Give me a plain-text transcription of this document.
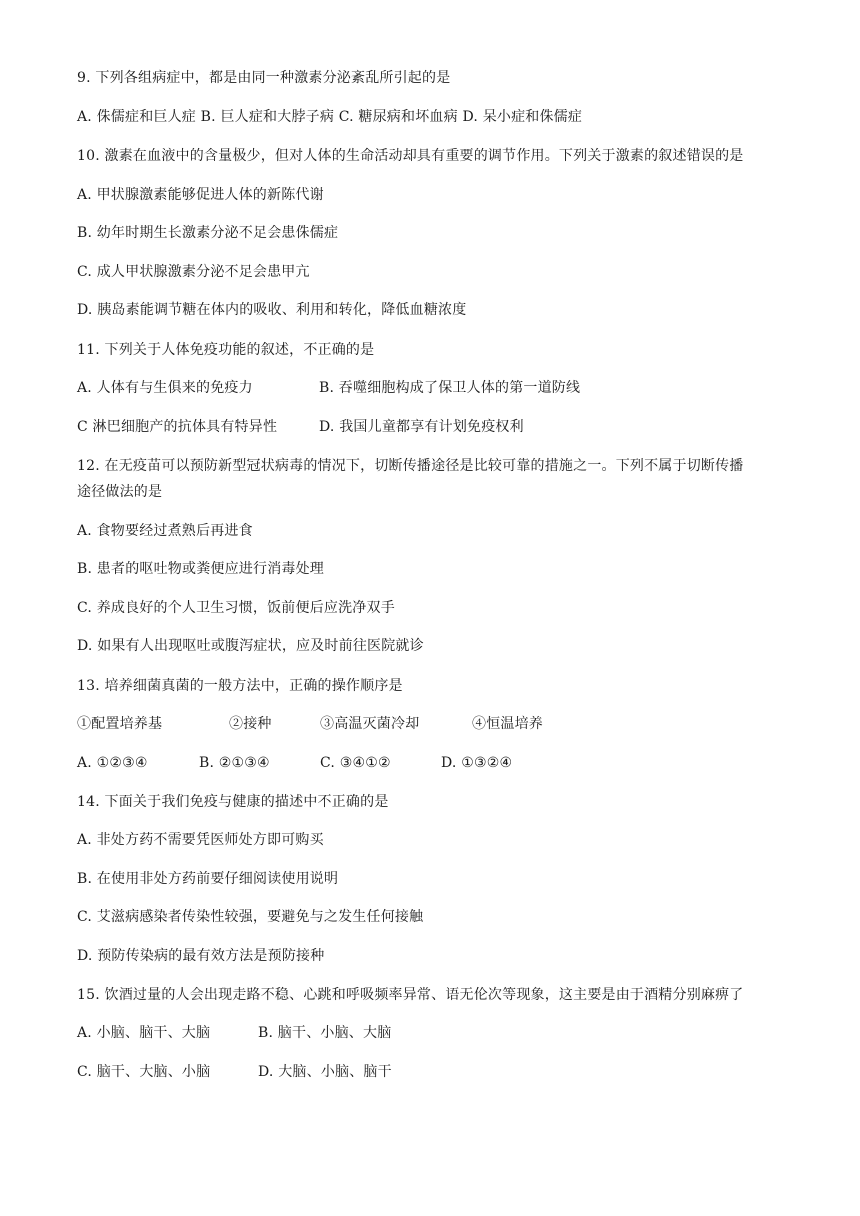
9. 下列各组病症中，都是由同一种激素分泌紊乱所引起的是
A. 侏儒症和巨人症 B. 巨人症和大脖子病 C. 糖尿病和坏血病 D. 呆小症和侏儒症
10. 激素在血液中的含量极少，但对人体的生命活动却具有重要的调节作用。下列关于激素的叙述错误的是
A. 甲状腺激素能够促进人体的新陈代谢
B. 幼年时期生长激素分泌不足会患侏儒症
C. 成人甲状腺激素分泌不足会患甲亢
D. 胰岛素能调节糖在体内的吸收、利用和转化，降低血糖浓度
11. 下列关于人体免疫功能的叙述，不正确的是
A. 人体有与生俱来的免疫力	B. 吞噬细胞构成了保卫人体的第一道防线
C 淋巴细胞产的抗体具有特异性	D. 我国儿童都享有计划免疫权利
12. 在无疫苗可以预防新型冠状病毒的情况下，切断传播途径是比较可靠的措施之一。下列不属于切断传播
途径做法的是
A. 食物要经过煮熟后再进食
B. 患者的呕吐物或粪便应进行消毒处理
C. 养成良好的个人卫生习惯，饭前便后应洗净双手
D. 如果有人出现呕吐或腹泻症状，应及时前往医院就诊
13. 培养细菌真菌的一般方法中，正确的操作顺序是
①配置培养基	②接种	③高温灭菌冷却	④恒温培养
A. ①②③④	B. ②①③④	C. ③④①②	D. ①③②④
14. 下面关于我们免疫与健康的描述中不正确的是
A. 非处方药不需要凭医师处方即可购买
B. 在使用非处方药前要仔细阅读使用说明
C. 艾滋病感染者传染性较强，要避免与之发生任何接触
D. 预防传染病的最有效方法是预防接种
15. 饮酒过量的人会出现走路不稳、心跳和呼吸频率异常、语无伦次等现象，这主要是由于酒精分别麻痹了
A. 小脑、脑干、大脑	B. 脑干、小脑、大脑
C. 脑干、大脑、小脑	D. 大脑、小脑、脑干
